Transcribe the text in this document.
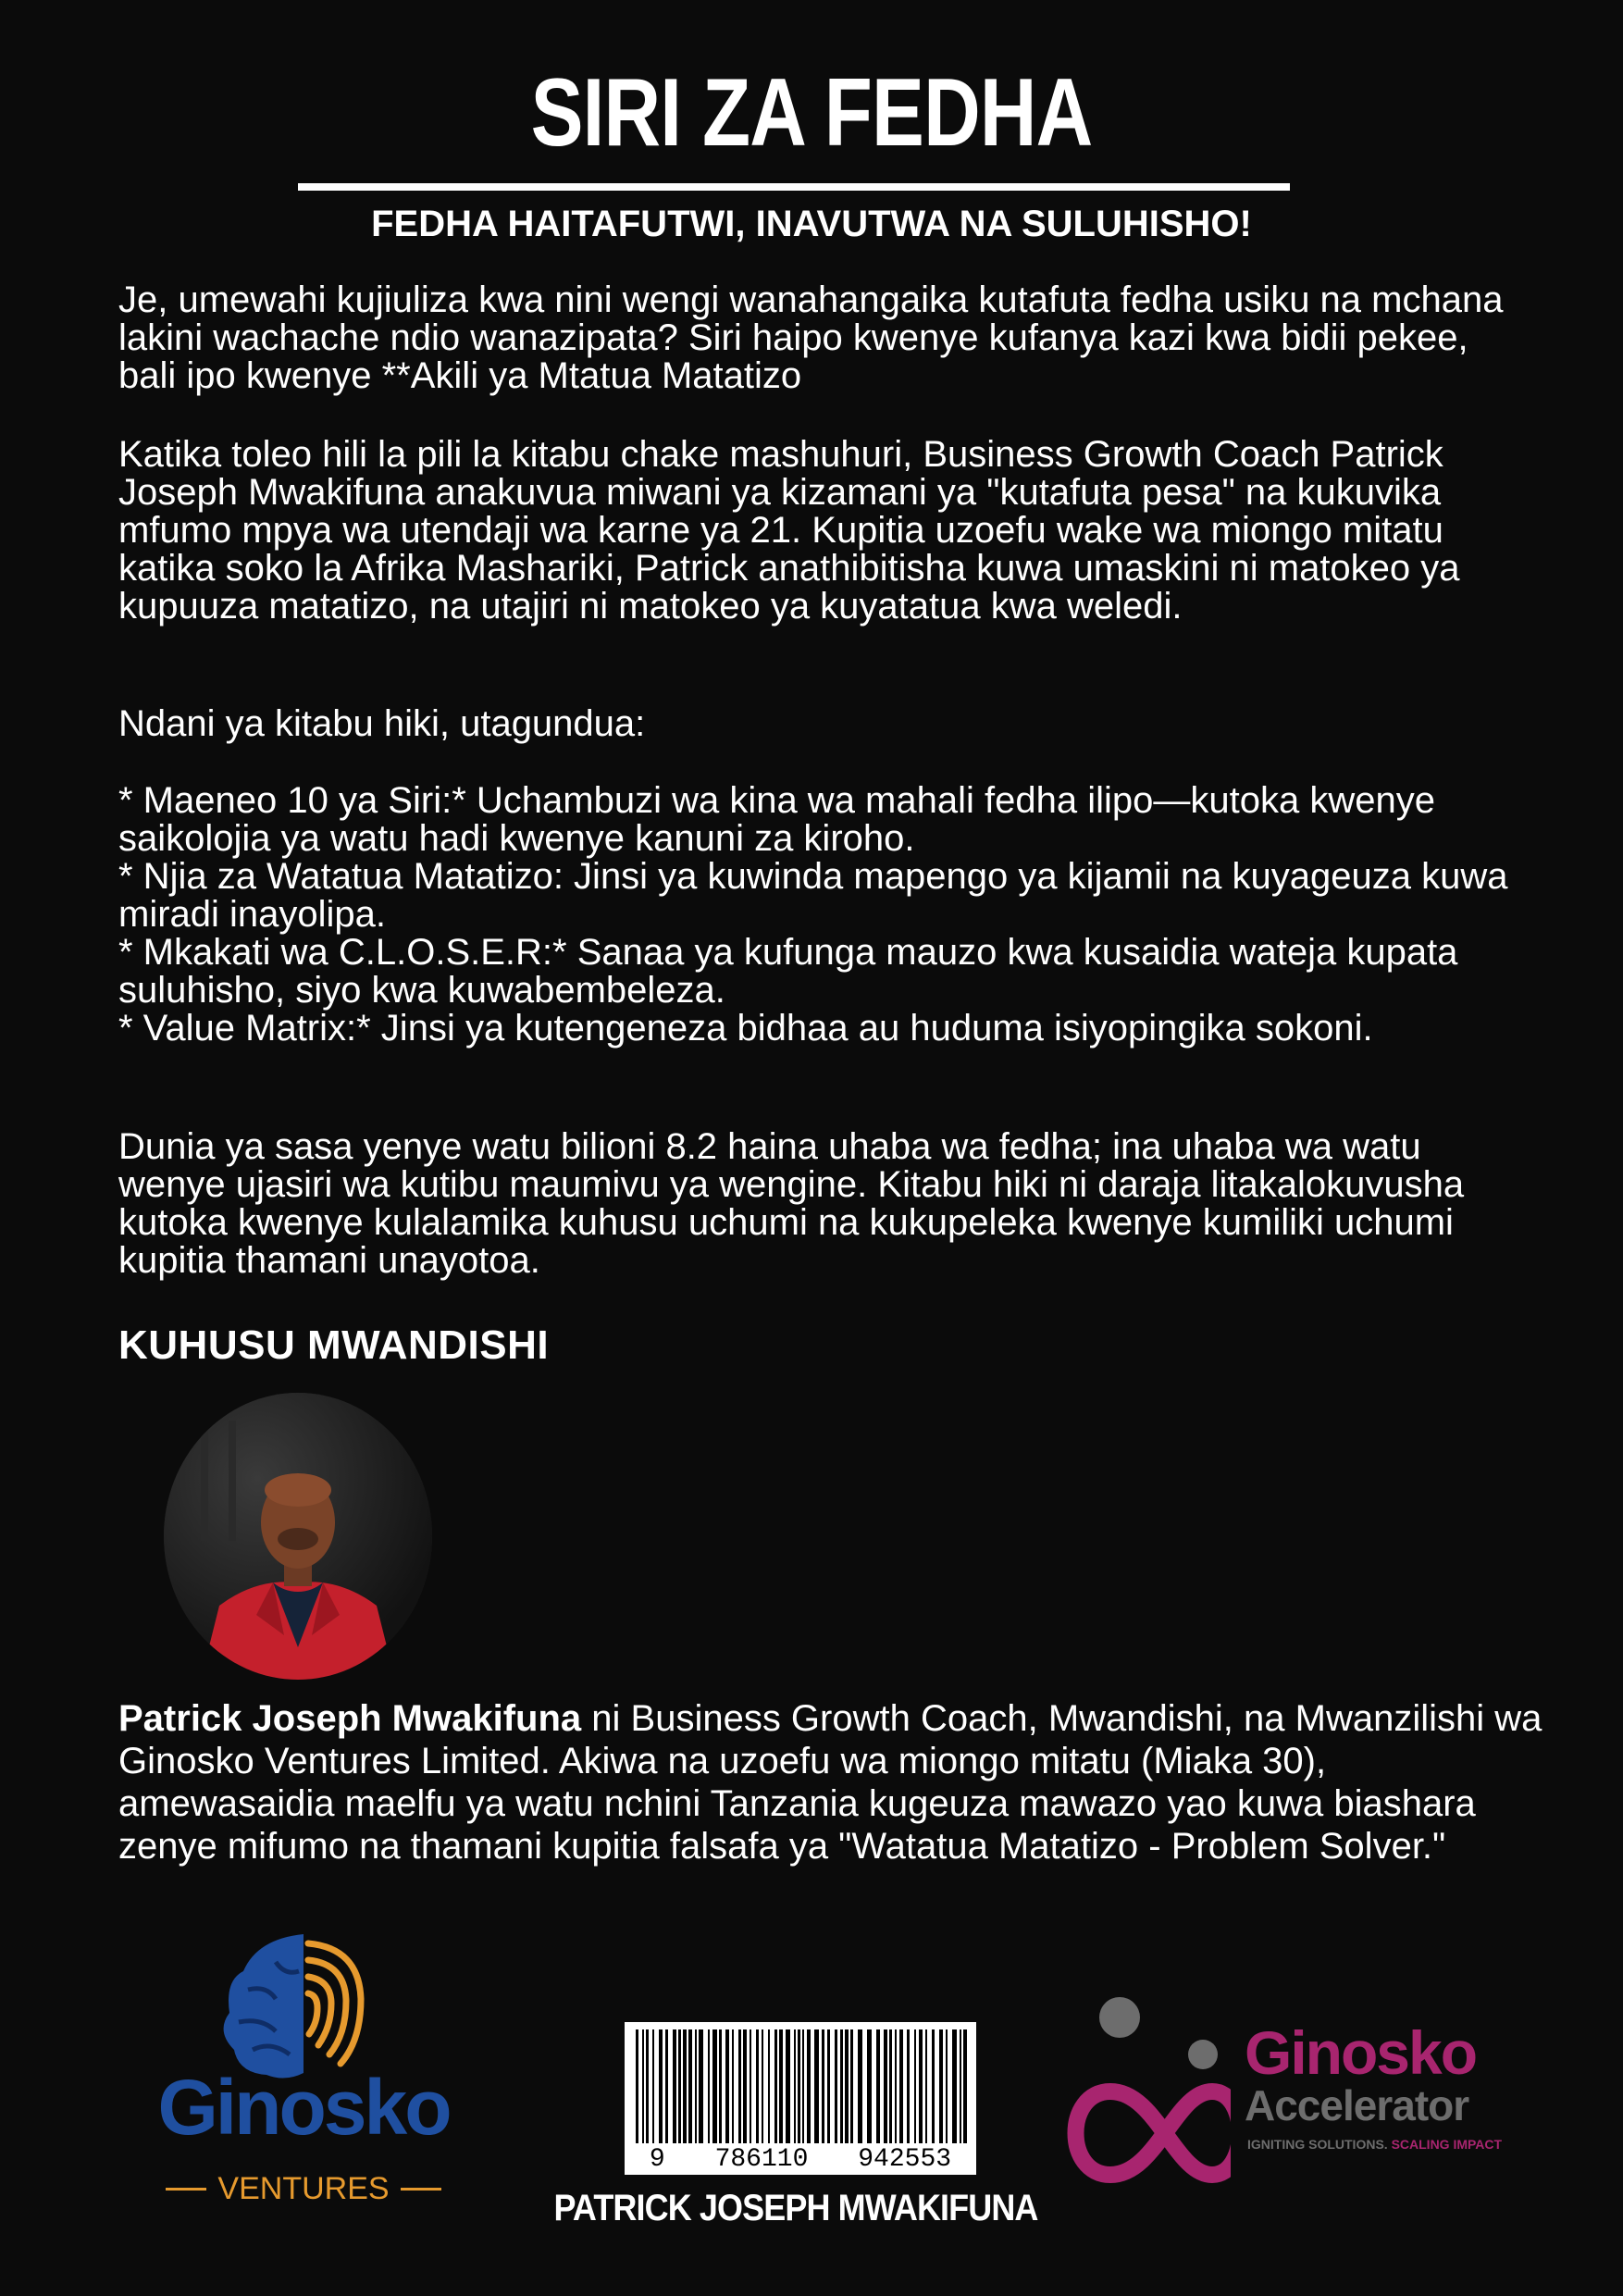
SIRI ZA FEDHA
FEDHA HAITAFUTWI, INAVUTWA NA SULUHISHO!
Je, umewahi kujiuliza kwa nini wengi wanahangaika kutafuta fedha usiku na mchana lakini wachache ndio wanazipata? Siri haipo kwenye kufanya kazi kwa bidii pekee, bali ipo kwenye **Akili ya Mtatua Matatizo
Katika toleo hili la pili la kitabu chake mashuhuri, Business Growth Coach Patrick Joseph Mwakifuna anakuvua miwani ya kizamani ya "kutafuta pesa" na kukuvika mfumo mpya wa utendaji wa karne ya 21. Kupitia uzoefu wake wa miongo mitatu katika soko la Afrika Mashariki, Patrick anathibitisha kuwa umaskini ni matokeo ya kupuuza matatizo, na utajiri ni matokeo ya kuyatatua kwa weledi.
Ndani ya kitabu hiki, utagundua:
* Maeneo 10 ya Siri:* Uchambuzi wa kina wa mahali fedha ilipo—kutoka kwenye saikolojia ya watu hadi kwenye kanuni za kiroho.
* Njia za Watatua Matatizo: Jinsi ya kuwinda mapengo ya kijamii na kuyageuza kuwa miradi inayolipa.
* Mkakati wa C.L.O.S.E.R:* Sanaa ya kufunga mauzo kwa kusaidia wateja kupata suluhisho, siyo kwa kuwabembeleza.
* Value Matrix:* Jinsi ya kutengeneza bidhaa au huduma isiyopingika sokoni.
Dunia ya sasa yenye watu bilioni 8.2 haina uhaba wa fedha; ina uhaba wa watu wenye ujasiri wa kutibu maumivu ya wengine. Kitabu hiki ni daraja litakalokuvusha kutoka kwenye kulalamika kuhusu uchumi na kukupeleka kwenye kumiliki uchumi kupitia thamani unayotoa.
KUHUSU MWANDISHI
Patrick Joseph Mwakifuna ni Business Growth Coach, Mwandishi, na Mwanzilishi wa Ginosko Ventures Limited. Akiwa na uzoefu wa miongo mitatu (Miaka 30), amewasaidia maelfu ya watu nchini Tanzania kugeuza mawazo yao kuwa biashara zenye mifumo na thamani kupitia falsafa ya "Watatua Matatizo - Problem Solver."
Ginosko
VENTURES
9 786110 942553
PATRICK JOSEPH MWAKIFUNA
Ginosko
Accelerator
IGNITING SOLUTIONS. SCALING IMPACT
